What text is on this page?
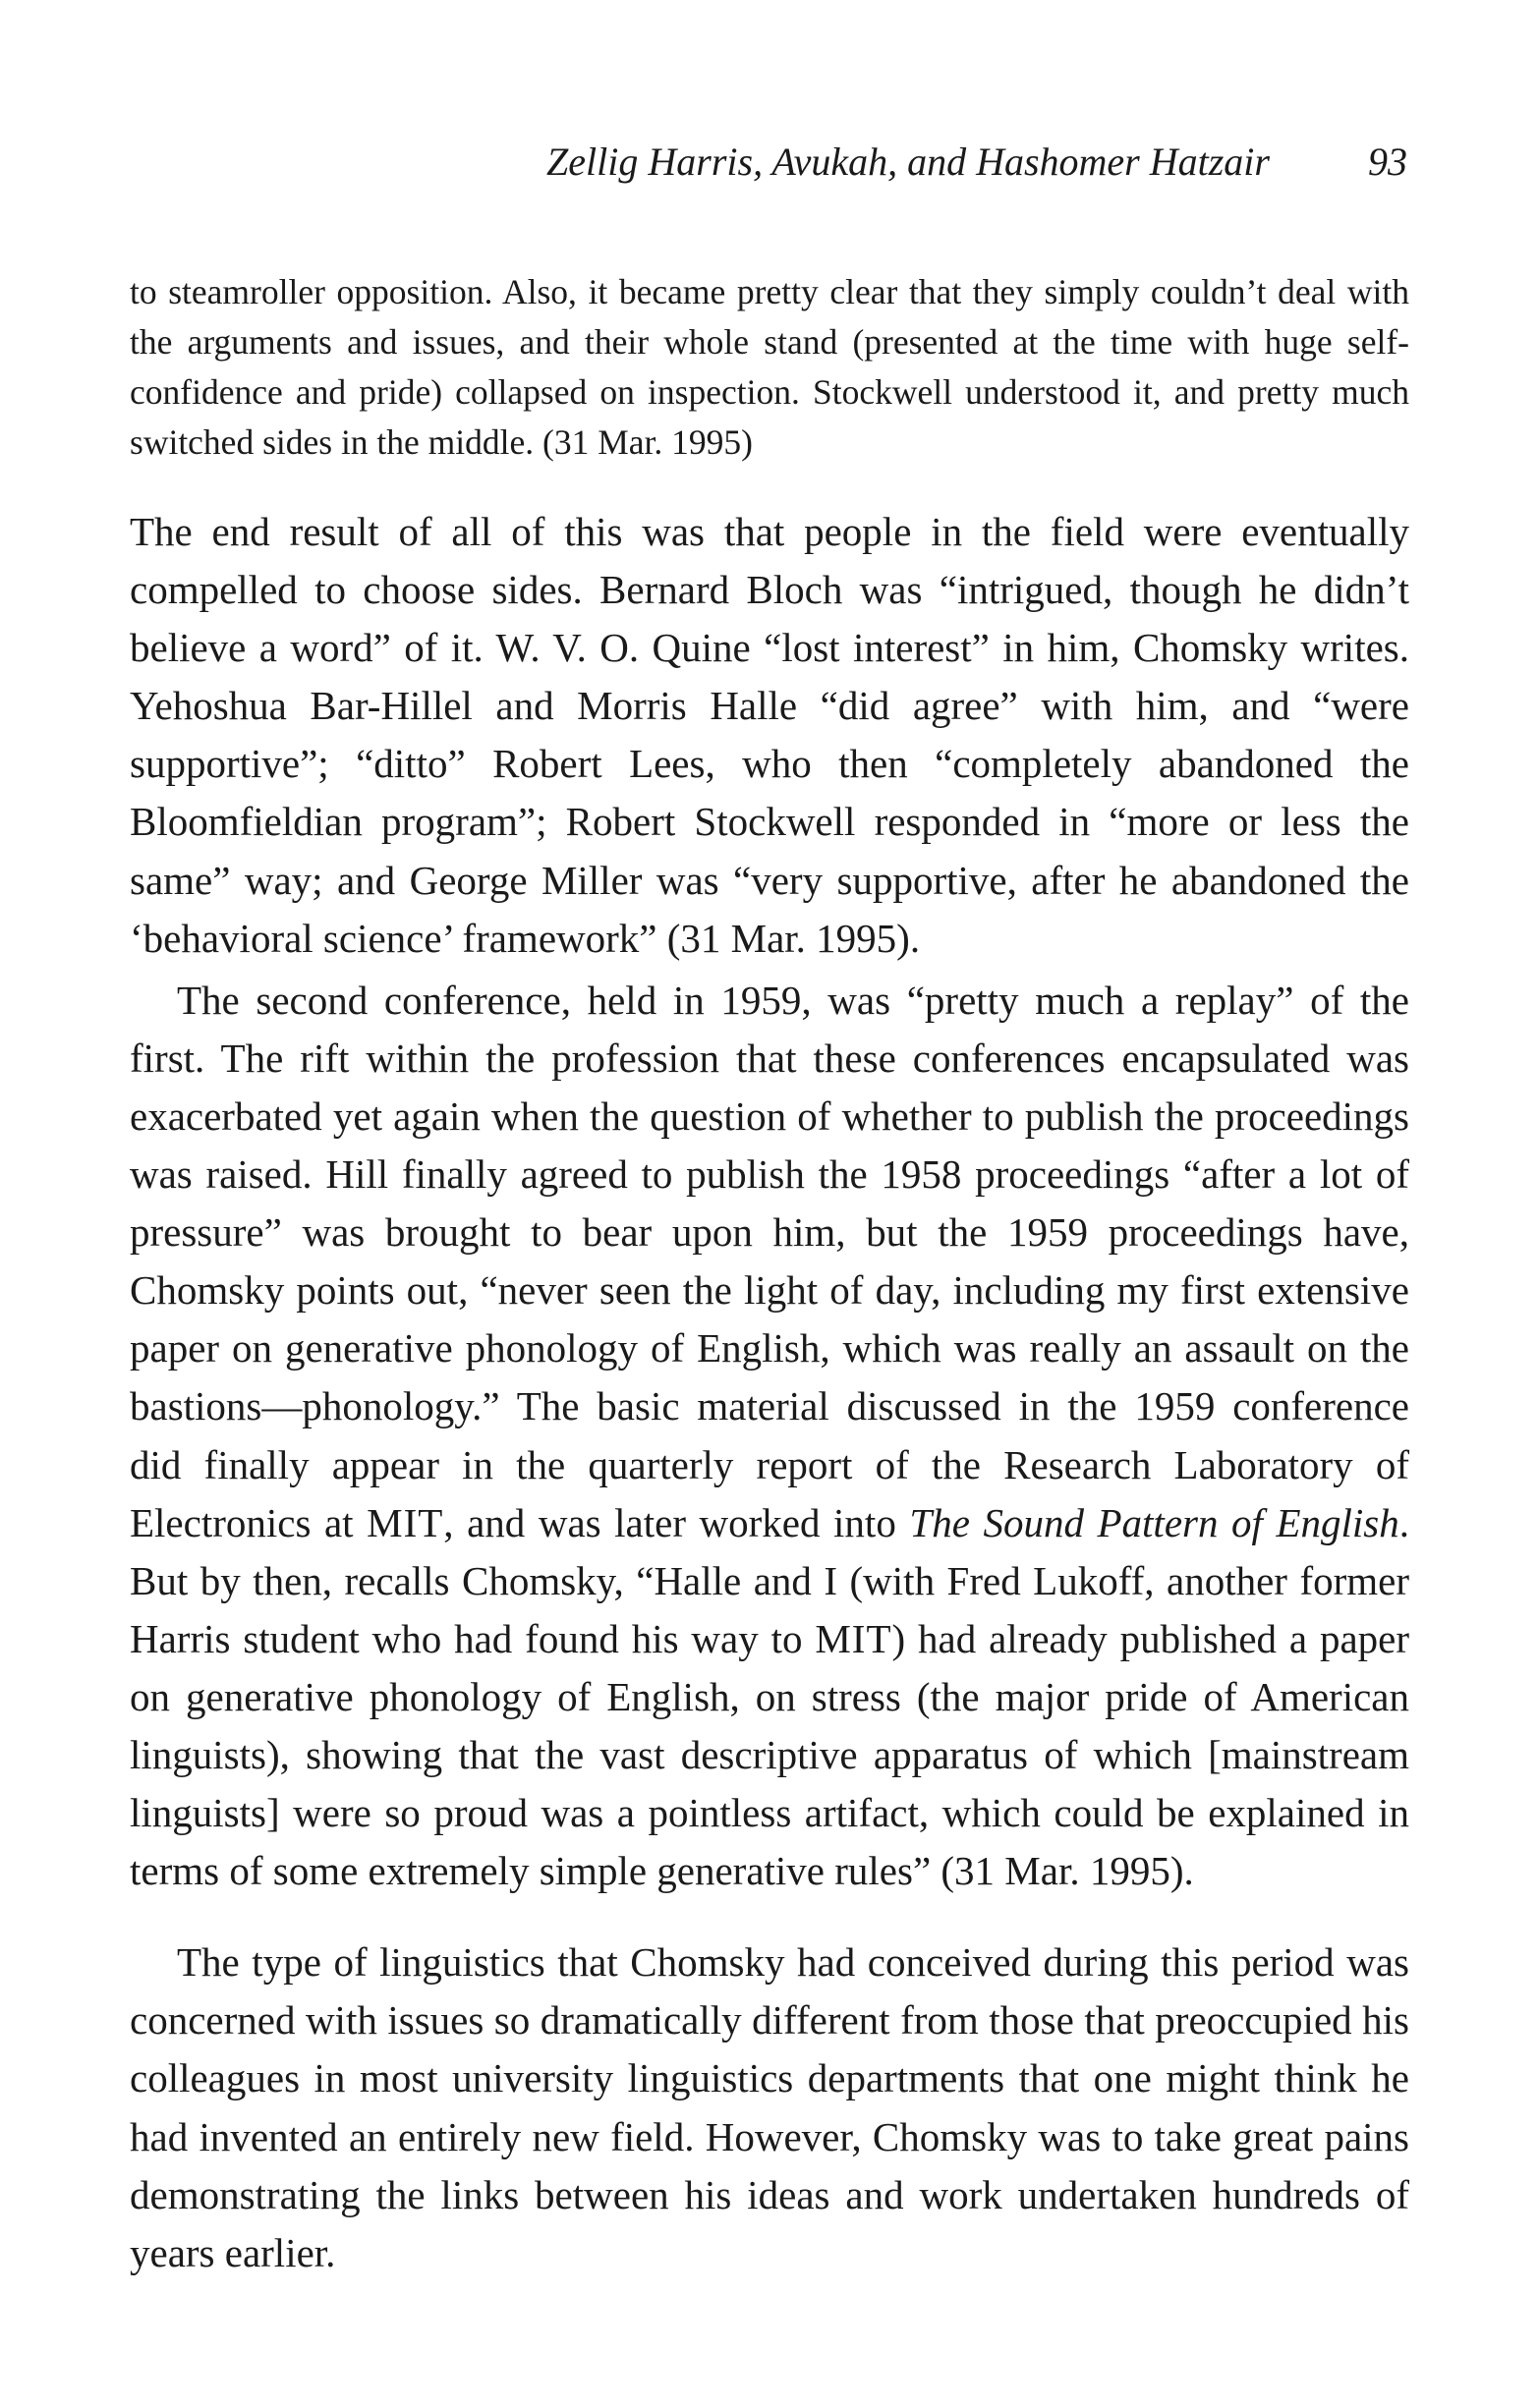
Zellig Harris, Avukah, and Hashomer Hatzair	93

to steamroller opposition. Also, it became pretty clear that they simply couldn’t deal with the arguments and issues, and their whole stand (presented at the time with huge self-confidence and pride) collapsed on inspection. Stockwell understood it, and pretty much switched sides in the middle. (31 Mar. 1995)

The end result of all of this was that people in the field were eventually compelled to choose sides. Bernard Bloch was “intrigued, though he didn’t believe a word” of it. W. V. O. Quine “lost interest” in him, Chomsky writes. Yehoshua Bar-Hillel and Morris Halle “did agree” with him, and “were supportive”; “ditto” Robert Lees, who then “completely abandoned the Bloomfieldian program”; Robert Stockwell responded in “more or less the same” way; and George Miller was “very supportive, after he abandoned the ‘behavioral science’ framework” (31 Mar. 1995).

The second conference, held in 1959, was “pretty much a replay” of the first. The rift within the profession that these conferences encapsulated was exacerbated yet again when the question of whether to publish the proceedings was raised. Hill finally agreed to publish the 1958 proceedings “after a lot of pressure” was brought to bear upon him, but the 1959 proceedings have, Chomsky points out, “never seen the light of day, including my first extensive paper on generative phonology of English, which was really an assault on the bastions—phonology.” The basic material discussed in the 1959 conference did finally appear in the quarterly report of the Research Laboratory of Electronics at MIT, and was later worked into The Sound Pattern of English. But by then, recalls Chomsky, “Halle and I (with Fred Lukoff, another former Harris student who had found his way to MIT) had already published a paper on generative phonology of English, on stress (the major pride of American linguists), showing that the vast descriptive apparatus of which [mainstream linguists] were so proud was a pointless artifact, which could be explained in terms of some extremely simple generative rules” (31 Mar. 1995).

The type of linguistics that Chomsky had conceived during this period was concerned with issues so dramatically different from those that preoccupied his colleagues in most university linguistics departments that one might think he had invented an entirely new field. However, Chomsky was to take great pains demonstrating the links between his ideas and work undertaken hundreds of years earlier.
